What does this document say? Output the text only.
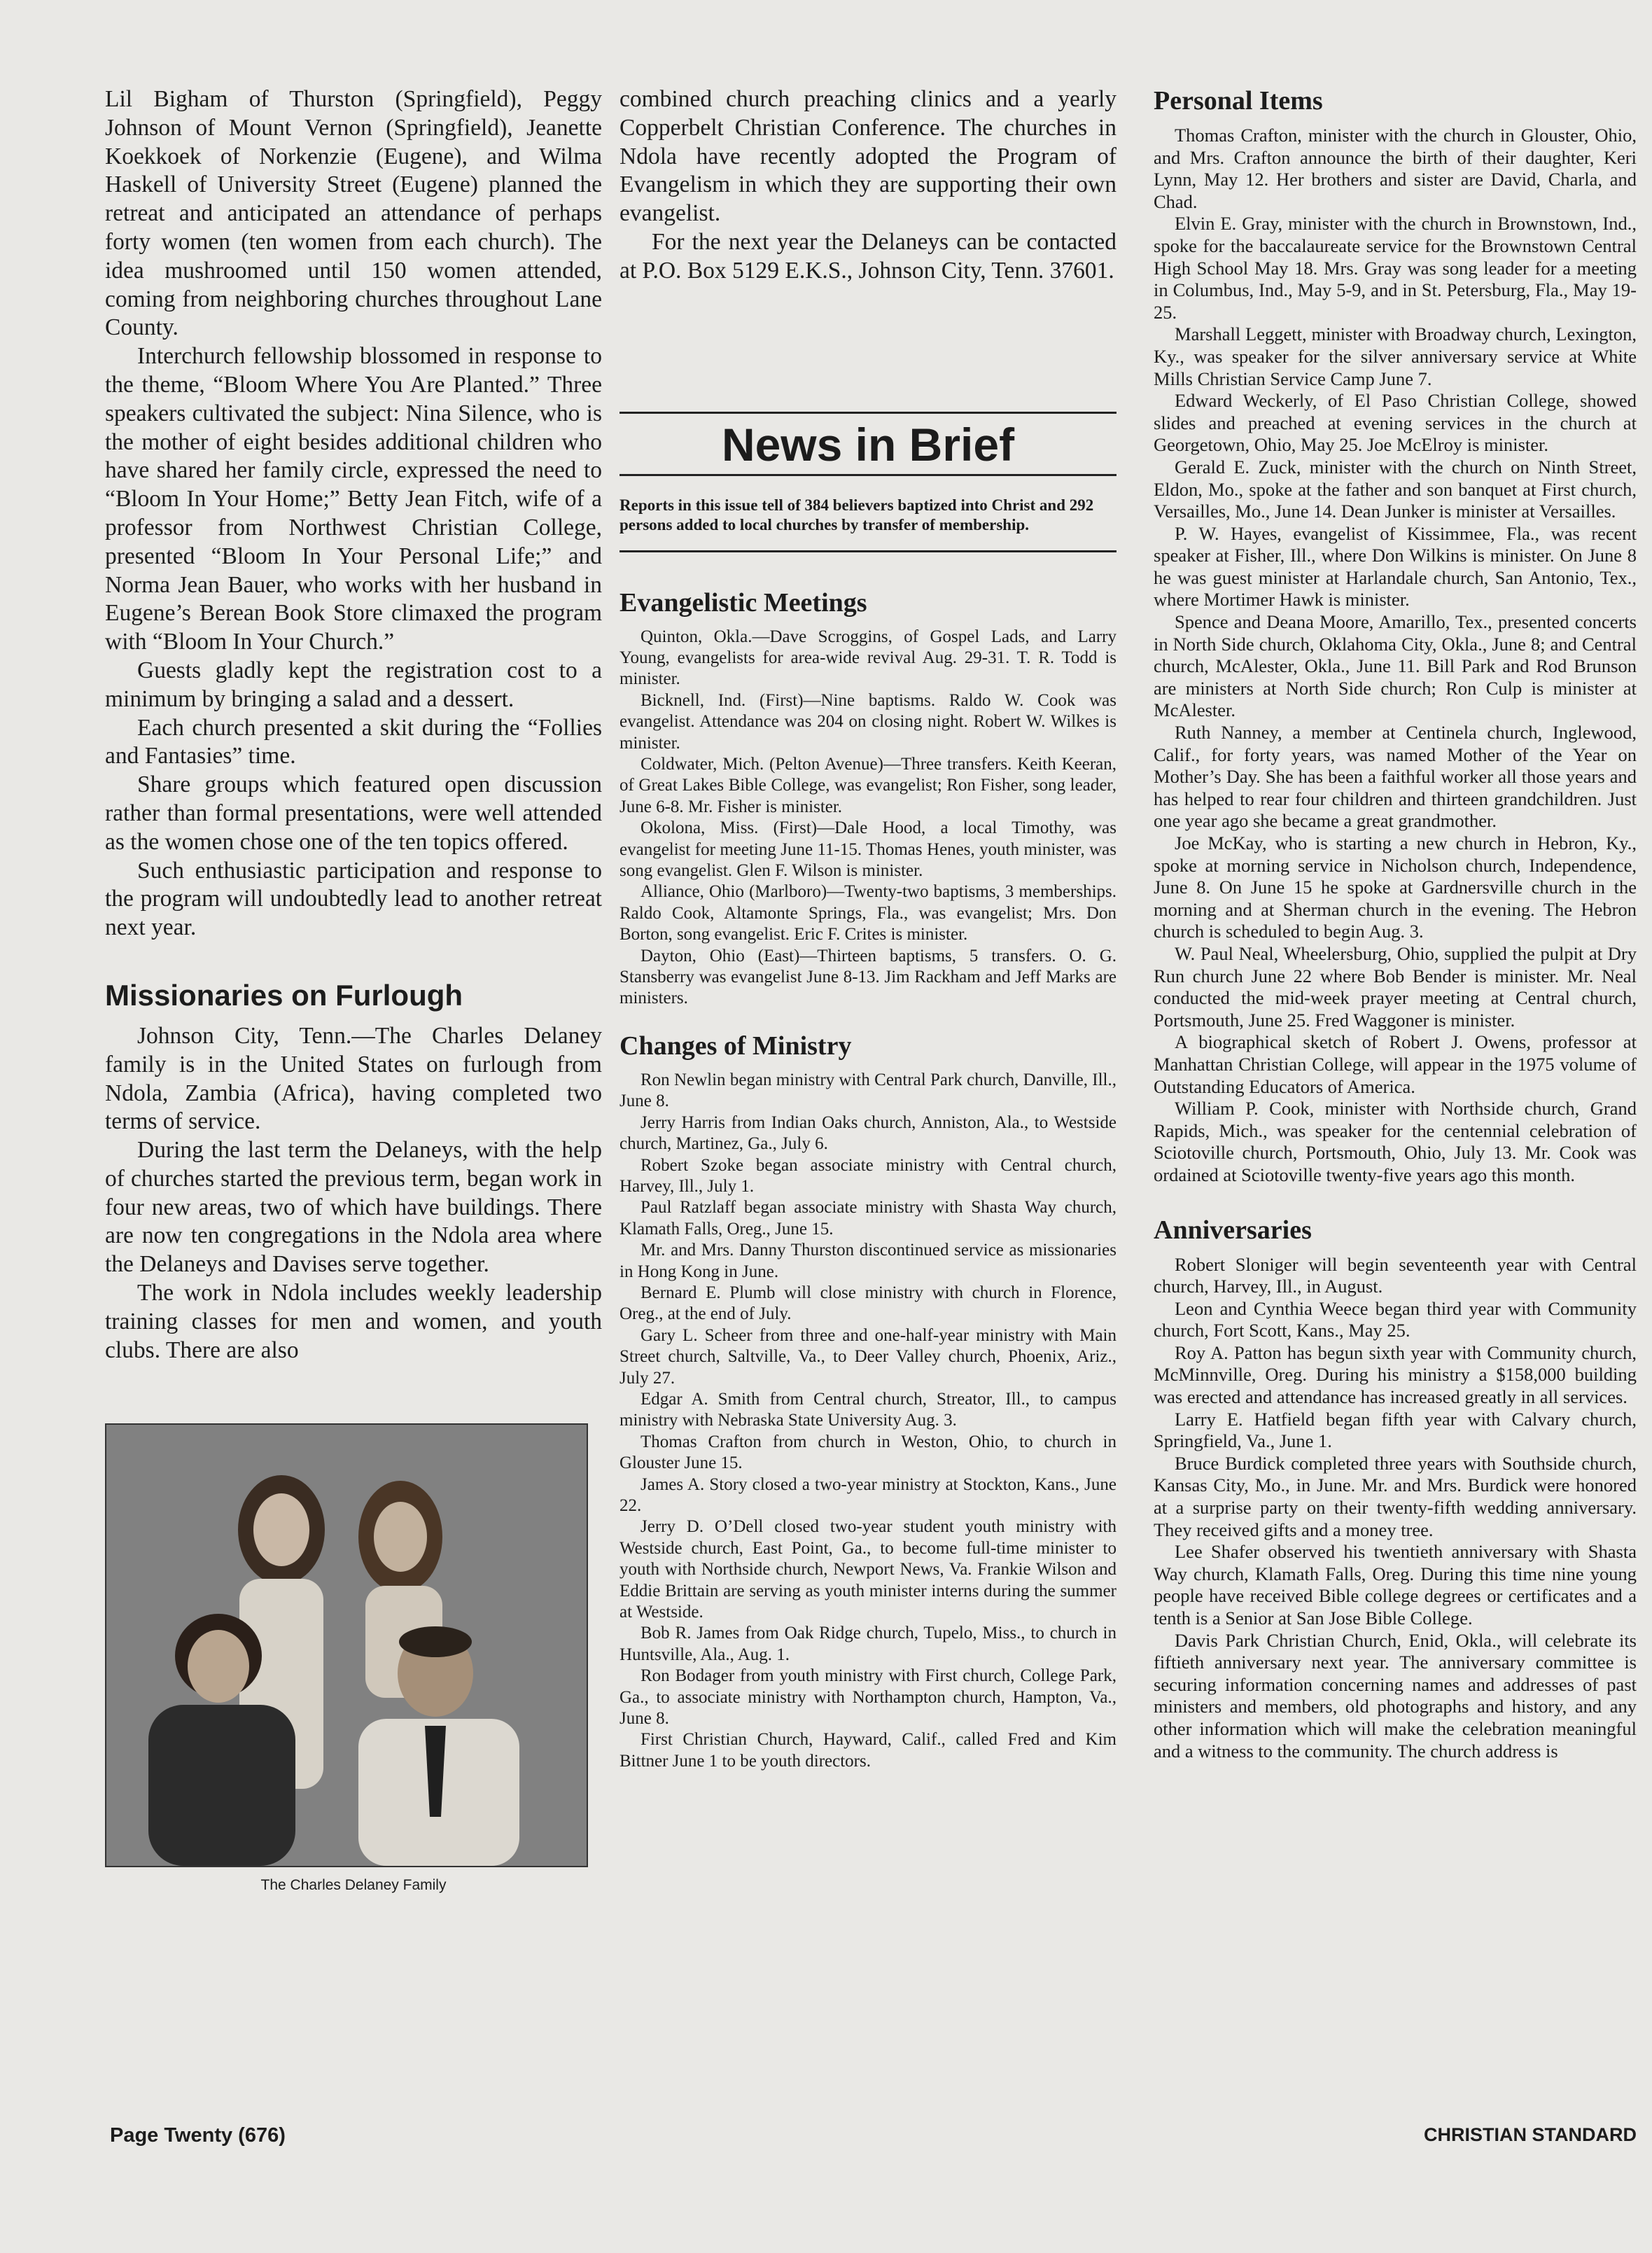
Lil Bigham of Thurston (Springfield), Peggy Johnson of Mount Vernon (Springfield), Jeanette Koekkoek of Norkenzie (Eugene), and Wilma Haskell of University Street (Eugene) planned the retreat and anticipated an attendance of perhaps forty women (ten women from each church). The idea mushroomed until 150 women attended, coming from neighboring churches throughout Lane County.

Interchurch fellowship blossomed in response to the theme, “Bloom Where You Are Planted.” Three speakers cultivated the subject: Nina Silence, who is the mother of eight besides additional children who have shared her family circle, expressed the need to “Bloom In Your Home;” Betty Jean Fitch, wife of a professor from Northwest Christian College, presented “Bloom In Your Personal Life;” and Norma Jean Bauer, who works with her husband in Eugene’s Berean Book Store climaxed the program with “Bloom In Your Church.”

Guests gladly kept the registration cost to a minimum by bringing a salad and a dessert.

Each church presented a skit during the “Follies and Fantasies” time.

Share groups which featured open discussion rather than formal presentations, were well attended as the women chose one of the ten topics offered.

Such enthusiastic participation and response to the program will undoubtedly lead to another retreat next year.

Missionaries on Furlough

Johnson City, Tenn.—The Charles Delaney family is in the United States on furlough from Ndola, Zambia (Africa), having completed two terms of service.

During the last term the Delaneys, with the help of churches started the previous term, began work in four new areas, two of which have buildings. There are now ten congregations in the Ndola area where the Delaneys and Davises serve together.

The work in Ndola includes weekly leadership training classes for men and women, and youth clubs. There are also

The Charles Delaney Family

combined church preaching clinics and a yearly Copperbelt Christian Conference. The churches in Ndola have recently adopted the Program of Evangelism in which they are supporting their own evangelist.

For the next year the Delaneys can be contacted at P.O. Box 5129 E.K.S., Johnson City, Tenn. 37601.

News in Brief
Reports in this issue tell of 384 believers baptized into Christ and 292 persons added to local churches by transfer of membership.
Evangelistic Meetings

Quinton, Okla.—Dave Scroggins, of Gospel Lads, and Larry Young, evangelists for area-wide revival Aug. 29-31. T. R. Todd is minister.

Bicknell, Ind. (First)—Nine baptisms. Raldo W. Cook was evangelist. Attendance was 204 on closing night. Robert W. Wilkes is minister.

Coldwater, Mich. (Pelton Avenue)—Three transfers. Keith Keeran, of Great Lakes Bible College, was evangelist; Ron Fisher, song leader, June 6-8. Mr. Fisher is minister.

Okolona, Miss. (First)—Dale Hood, a local Timothy, was evangelist for meeting June 11-15. Thomas Henes, youth minister, was song evangelist. Glen F. Wilson is minister.

Alliance, Ohio (Marlboro)—Twenty-two baptisms, 3 memberships. Raldo Cook, Altamonte Springs, Fla., was evangelist; Mrs. Don Borton, song evangelist. Eric F. Crites is minister.

Dayton, Ohio (East)—Thirteen baptisms, 5 transfers. O. G. Stansberry was evangelist June 8-13. Jim Rackham and Jeff Marks are ministers.

Changes of Ministry

Ron Newlin began ministry with Central Park church, Danville, Ill., June 8.

Jerry Harris from Indian Oaks church, Anniston, Ala., to Westside church, Martinez, Ga., July 6.

Robert Szoke began associate ministry with Central church, Harvey, Ill., July 1.

Paul Ratzlaff began associate ministry with Shasta Way church, Klamath Falls, Oreg., June 15.

Mr. and Mrs. Danny Thurston discontinued service as missionaries in Hong Kong in June.

Bernard E. Plumb will close ministry with church in Florence, Oreg., at the end of July.

Gary L. Scheer from three and one-half-year ministry with Main Street church, Saltville, Va., to Deer Valley church, Phoenix, Ariz., July 27.

Edgar A. Smith from Central church, Streator, Ill., to campus ministry with Nebraska State University Aug. 3.

Thomas Crafton from church in Weston, Ohio, to church in Glouster June 15.

James A. Story closed a two-year ministry at Stockton, Kans., June 22.

Jerry D. O’Dell closed two-year student youth ministry with Westside church, East Point, Ga., to become full-time minister to youth with Northside church, Newport News, Va. Frankie Wilson and Eddie Brittain are serving as youth minister interns during the summer at Westside.

Bob R. James from Oak Ridge church, Tupelo, Miss., to church in Huntsville, Ala., Aug. 1.

Ron Bodager from youth ministry with First church, College Park, Ga., to associate ministry with Northampton church, Hampton, Va., June 8.

First Christian Church, Hayward, Calif., called Fred and Kim Bittner June 1 to be youth directors.

Personal Items

Thomas Crafton, minister with the church in Glouster, Ohio, and Mrs. Crafton announce the birth of their daughter, Keri Lynn, May 12. Her brothers and sister are David, Charla, and Chad.

Elvin E. Gray, minister with the church in Brownstown, Ind., spoke for the baccalaureate service for the Brownstown Central High School May 18. Mrs. Gray was song leader for a meeting in Columbus, Ind., May 5-9, and in St. Petersburg, Fla., May 19-25.

Marshall Leggett, minister with Broadway church, Lexington, Ky., was speaker for the silver anniversary service at White Mills Christian Service Camp June 7.

Edward Weckerly, of El Paso Christian College, showed slides and preached at evening services in the church at Georgetown, Ohio, May 25. Joe McElroy is minister.

Gerald E. Zuck, minister with the church on Ninth Street, Eldon, Mo., spoke at the father and son banquet at First church, Versailles, Mo., June 14. Dean Junker is minister at Versailles.

P. W. Hayes, evangelist of Kissimmee, Fla., was recent speaker at Fisher, Ill., where Don Wilkins is minister. On June 8 he was guest minister at Harlandale church, San Antonio, Tex., where Mortimer Hawk is minister.

Spence and Deana Moore, Amarillo, Tex., presented concerts in North Side church, Oklahoma City, Okla., June 8; and Central church, McAlester, Okla., June 11. Bill Park and Rod Brunson are ministers at North Side church; Ron Culp is minister at McAlester.

Ruth Nanney, a member at Centinela church, Inglewood, Calif., for forty years, was named Mother of the Year on Mother’s Day. She has been a faithful worker all those years and has helped to rear four children and thirteen grandchildren. Just one year ago she became a great grandmother.

Joe McKay, who is starting a new church in Hebron, Ky., spoke at morning service in Nicholson church, Independence, June 8. On June 15 he spoke at Gardnersville church in the morning and at Sherman church in the evening. The Hebron church is scheduled to begin Aug. 3.

W. Paul Neal, Wheelersburg, Ohio, supplied the pulpit at Dry Run church June 22 where Bob Bender is minister. Mr. Neal conducted the mid-week prayer meeting at Central church, Portsmouth, June 25. Fred Waggoner is minister.

A biographical sketch of Robert J. Owens, professor at Manhattan Christian College, will appear in the 1975 volume of Outstanding Educators of America.

William P. Cook, minister with Northside church, Grand Rapids, Mich., was speaker for the centennial celebration of Sciotoville church, Portsmouth, Ohio, July 13. Mr. Cook was ordained at Sciotoville twenty-five years ago this month.

Anniversaries

Robert Sloniger will begin seventeenth year with Central church, Harvey, Ill., in August.

Leon and Cynthia Weece began third year with Community church, Fort Scott, Kans., May 25.

Roy A. Patton has begun sixth year with Community church, McMinnville, Oreg. During his ministry a $158,000 building was erected and attendance has increased greatly in all services.

Larry E. Hatfield began fifth year with Calvary church, Springfield, Va., June 1.

Bruce Burdick completed three years with Southside church, Kansas City, Mo., in June. Mr. and Mrs. Burdick were honored at a surprise party on their twenty-fifth wedding anniversary. They received gifts and a money tree.

Lee Shafer observed his twentieth anniversary with Shasta Way church, Klamath Falls, Oreg. During this time nine young people have received Bible college degrees or certificates and a tenth is a Senior at San Jose Bible College.

Davis Park Christian Church, Enid, Okla., will celebrate its fiftieth anniversary next year. The anniversary committee is securing information concerning names and addresses of past ministers and members, old photographs and history, and any other information which will make the celebration meaningful and a witness to the community. The church address is

Page Twenty (676)	CHRISTIAN STANDARD
